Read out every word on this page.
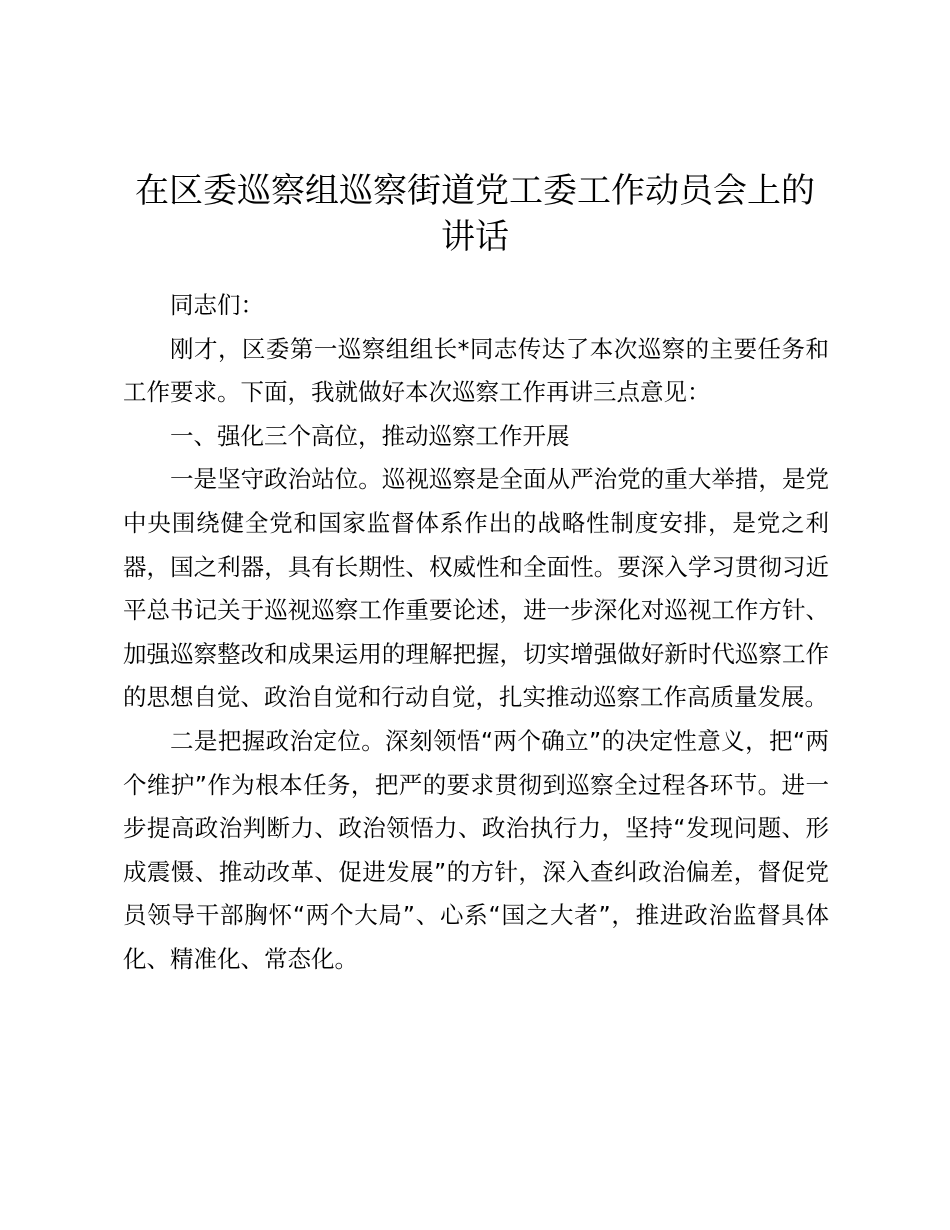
在区委巡察组巡察街道党工委工作动员会上的讲话

同志们：

刚才，区委第一巡察组组长*同志传达了本次巡察的主要任务和工作要求。下面，我就做好本次巡察工作再讲三点意见：

一、强化三个高位，推动巡察工作开展

一是坚守政治站位。巡视巡察是全面从严治党的重大举措，是党中央围绕健全党和国家监督体系作出的战略性制度安排，是党之利器，国之利器，具有长期性、权威性和全面性。要深入学习贯彻习近平总书记关于巡视巡察工作重要论述，进一步深化对巡视工作方针、加强巡察整改和成果运用的理解把握，切实增强做好新时代巡察工作的思想自觉、政治自觉和行动自觉，扎实推动巡察工作高质量发展。

二是把握政治定位。深刻领悟“两个确立”的决定性意义，把“两个维护”作为根本任务，把严的要求贯彻到巡察全过程各环节。进一步提高政治判断力、政治领悟力、政治执行力，坚持“发现问题、形成震慑、推动改革、促进发展”的方针，深入查纠政治偏差，督促党员领导干部胸怀“两个大局”、心系“国之大者”，推进政治监督具体化、精准化、常态化。
